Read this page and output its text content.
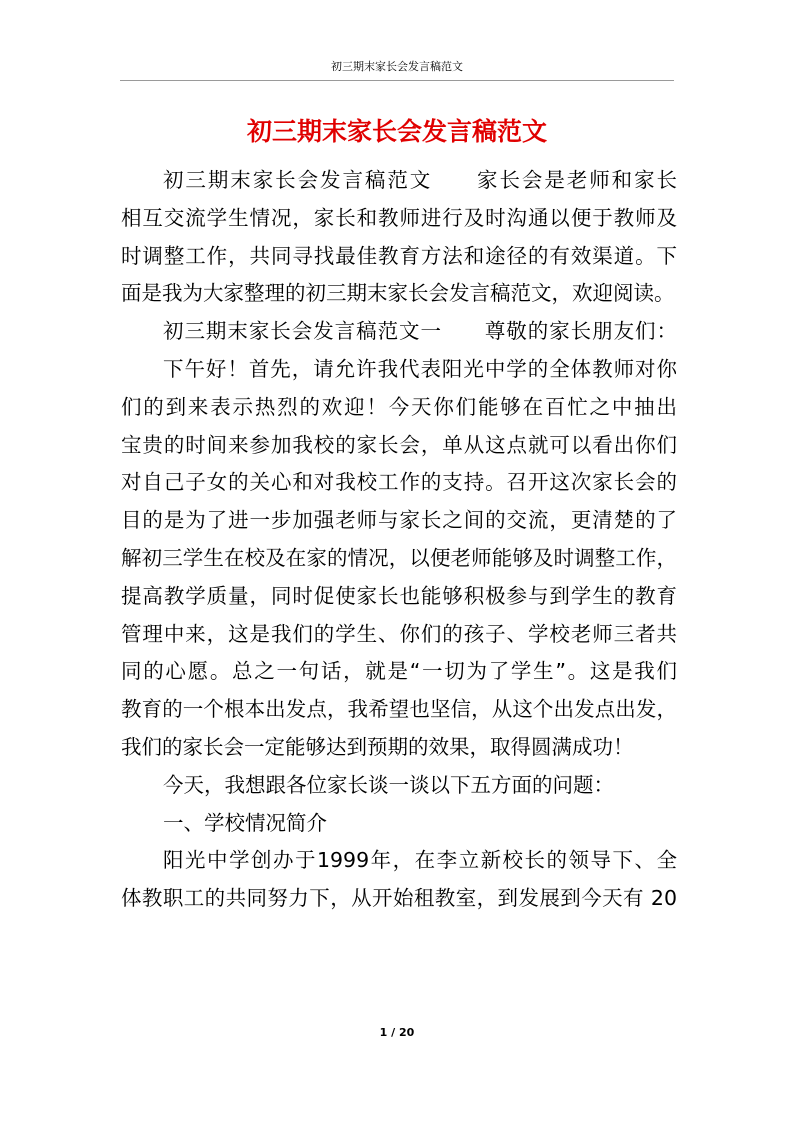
初三期末家长会发言稿范文
初三期末家长会发言稿范文
初三期末家长会发言稿范文　　家长会是老师和家长
相互交流学生情况，家长和教师进行及时沟通以便于教师及
时调整工作，共同寻找最佳教育方法和途径的有效渠道。下
面是我为大家整理的初三期末家长会发言稿范文，欢迎阅读。
初三期末家长会发言稿范文一　　尊敬的家长朋友们：
下午好！首先，请允许我代表阳光中学的全体教师对你
们的到来表示热烈的欢迎！今天你们能够在百忙之中抽出
宝贵的时间来参加我校的家长会，单从这点就可以看出你们
对自己子女的关心和对我校工作的支持。召开这次家长会的
目的是为了进一步加强老师与家长之间的交流，更清楚的了
解初三学生在校及在家的情况，以便老师能够及时调整工作，
提高教学质量，同时促使家长也能够积极参与到学生的教育
管理中来，这是我们的学生、你们的孩子、学校老师三者共
同的心愿。总之一句话，就是“一切为了学生”。这是我们
教育的一个根本出发点，我希望也坚信，从这个出发点出发，
我们的家长会一定能够达到预期的效果，取得圆满成功！
今天，我想跟各位家长谈一谈以下五方面的问题：
一、学校情况简介
阳光中学创办于1999年，在李立新校长的领导下、全
体教职工的共同努力下，从开始租教室，到发展到今天有 20
1 / 20
